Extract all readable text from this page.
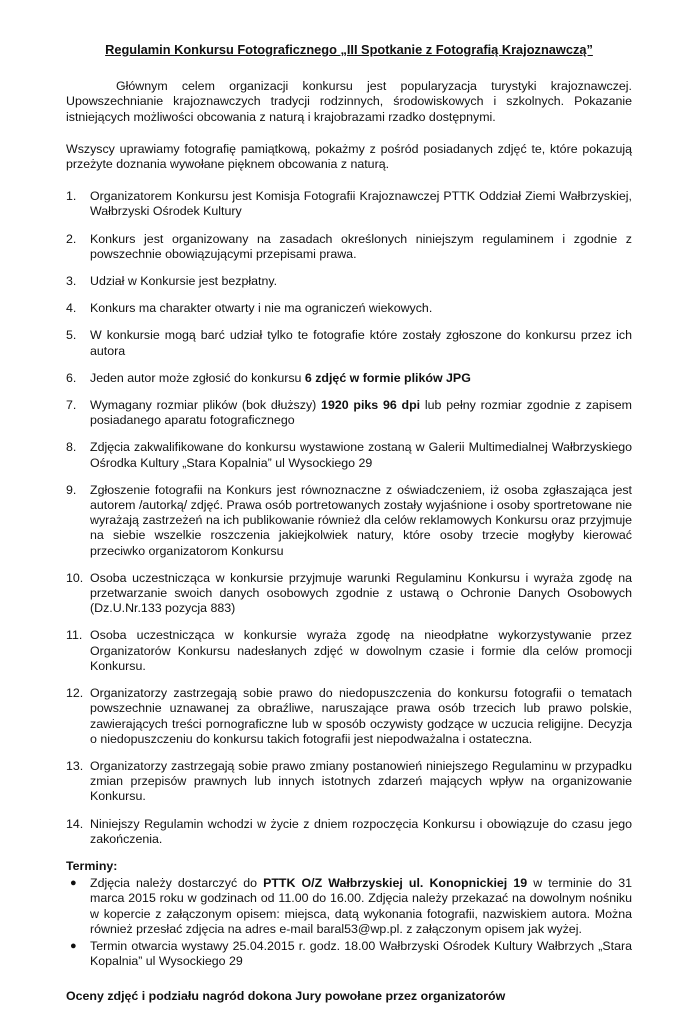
Regulamin Konkursu Fotograficznego „III Spotkanie z Fotografią Krajoznawczą”

Głównym celem organizacji konkursu jest popularyzacja turystyki krajoznawczej. Upowszechnianie krajoznawczych tradycji rodzinnych, środowiskowych i szkolnych. Pokazanie istniejących możliwości obcowania z naturą i krajobrazami rzadko dostępnymi.

Wszyscy uprawiamy fotografię pamiątkową, pokażmy z pośród posiadanych zdjęć te, które pokazują przeżyte doznania wywołane pięknem obcowania z naturą.

1.	Organizatorem Konkursu jest Komisja Fotografii Krajoznawczej PTTK Oddział Ziemi Wałbrzyskiej, Wałbrzyski Ośrodek Kultury
2.	Konkurs jest organizowany na zasadach określonych niniejszym regulaminem i zgodnie z powszechnie obowiązującymi przepisami prawa.
3.	Udział w Konkursie jest bezpłatny.
4.	Konkurs ma charakter otwarty i nie ma ograniczeń wiekowych.
5.	W konkursie mogą barć udział tylko te fotografie które zostały zgłoszone do konkursu przez ich autora
6.	Jeden autor może zgłosić do konkursu 6 zdjęć w formie plików JPG
7.	Wymagany rozmiar plików (bok dłuższy) 1920 piks 96 dpi lub pełny rozmiar zgodnie z zapisem posiadanego aparatu fotograficznego
8.	Zdjęcia zakwalifikowane do konkursu wystawione zostaną w Galerii Multimedialnej Wałbrzyskiego Ośrodka Kultury „Stara Kopalnia” ul Wysockiego 29
9.	Zgłoszenie fotografii na Konkurs jest równoznaczne z oświadczeniem, iż osoba zgłaszająca jest autorem /autorką/ zdjęć. Prawa osób portretowanych zostały wyjaśnione i osoby sportretowane nie wyrażają zastrzeżeń na ich publikowanie również dla celów reklamowych Konkursu oraz przyjmuje na siebie wszelkie roszczenia jakiejkolwiek natury, które osoby trzecie mogłyby kierować przeciwko organizatorom Konkursu
10. Osoba uczestnicząca w konkursie przyjmuje warunki Regulaminu Konkursu i wyraża zgodę na przetwarzanie swoich danych osobowych zgodnie z ustawą o Ochronie Danych Osobowych (Dz.U.Nr.133 pozycja 883)
11. Osoba uczestnicząca w konkursie wyraża zgodę na nieodpłatne wykorzystywanie przez Organizatorów Konkursu nadesłanych zdjęć w dowolnym czasie i formie dla celów promocji Konkursu.
12. Organizatorzy zastrzegają sobie prawo do niedopuszczenia do konkursu fotografii o tematach powszechnie uznawanej za obraźliwe, naruszające prawa osób trzecich lub prawo polskie, zawierających treści pornograficzne lub w sposób oczywisty godzące w uczucia religijne. Decyzja o niedopuszczeniu do konkursu takich fotografii jest niepodważalna i ostateczna.
13. Organizatorzy zastrzegają sobie prawo zmiany postanowień niniejszego Regulaminu w przypadku zmian przepisów prawnych lub innych istotnych zdarzeń mających wpływ na organizowanie Konkursu.
14. Niniejszy Regulamin wchodzi w życie z dniem rozpoczęcia Konkursu i obowiązuje do czasu jego zakończenia.
Terminy:
●	Zdjęcia należy dostarczyć do PTTK O/Z Wałbrzyskiej ul. Konopnickiej 19 w terminie do 31 marca 2015 roku w godzinach od 11.00 do 16.00. Zdjęcia należy przekazać na dowolnym nośniku w kopercie z załączonym opisem: miejsca, datą wykonania fotografii, nazwiskiem autora. Można również przesłać zdjęcia na adres e-mail baral53@wp.pl. z załączonym opisem jak wyżej.
●	Termin otwarcia wystawy 25.04.2015 r. godz. 18.00 Wałbrzyski Ośrodek Kultury Wałbrzych „Stara Kopalnia” ul Wysockiego 29
Oceny zdjęć i podziału nagród dokona Jury powołane przez organizatorów
